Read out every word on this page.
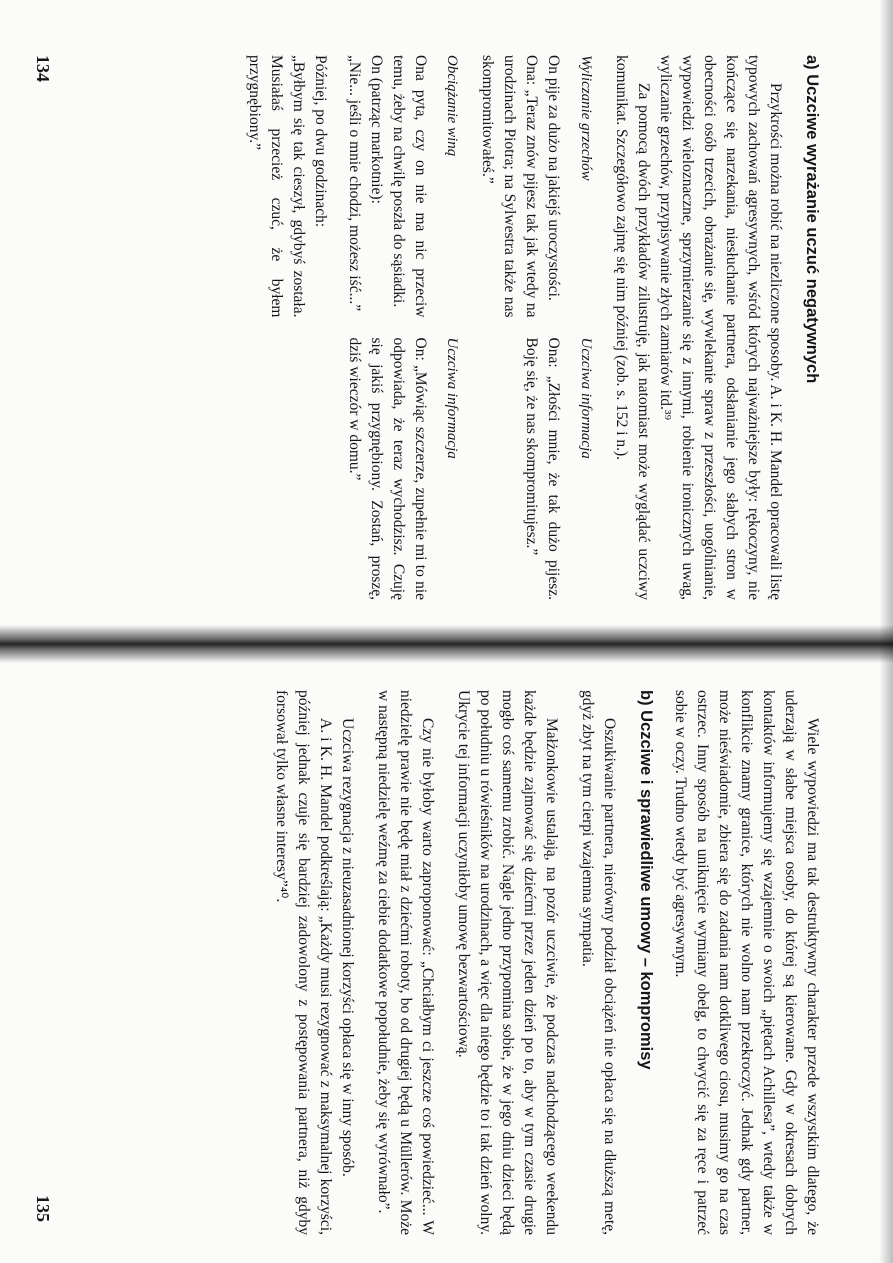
a) Uczciwe wyrażanie uczuć negatywnych

Przykrości można robić na niezliczone sposoby. A. i K. H. Mandel opracowali listę typowych zachowań agresywnych, wśród których najważniejsze były: rękoczyny, nie kończące się narzekania, niesłuchanie partnera, odsłanianie jego słabych stron w obecności osób trzecich, obrażanie się, wywlekanie spraw z przeszłości, uogólnianie, wypowiedzi wieloznaczne, sprzymierzanie się z innymi, robienie ironicznych uwag, wyliczanie grzechów, przypisywanie złych zamiarów itd.³⁹

Za pomocą dwóch przykładów zilustruję, jak natomiast może wyglądać uczciwy komunikat. Szczegółowo zajmę się nim później (zob. s. 152 i n.).

Wyliczanie grzechów

On pije za dużo na jakiejś uroczystości.

Ona: „Teraz znów pijesz tak jak wtedy na urodzinach Piotra; na Sylwestra także nas skompromitowałeś.”

Uczciwa informacja

Ona: „Złości mnie, że tak dużo pijesz. Boję się, że nas skompromitujesz.”

Obciążanie winą

Ona pyta, czy on nie ma nic przeciw temu, żeby na chwilę poszła do sąsiadki.

On (patrząc markotnie):

„Nie... jeśli o mnie chodzi, możesz iść...”

Później, po dwu godzinach:

„Byłbym się tak cieszył, gdybyś została. Musiałaś przecież czuć, że byłem przygnębiony.”

Uczciwa informacja

On: „Mówiąc szczerze, zupełnie mi to nie odpowiada, że teraz wychodzisz. Czuję się jakiś przygnębiony. Zostań, proszę, dziś wieczór w domu.”

134

Wiele wypowiedzi ma tak destruktywny charakter przede wszystkim dlatego, że uderzają w słabe miejsca osoby, do której są kierowane. Gdy w okresach dobrych kontaktów informujemy się wzajemnie o swoich „piętach Achillesa”, wtedy także w konflikcie znamy granice, których nie wolno nam przekroczyć. Jednak gdy partner, może nieświadomie, zbiera się do zadania nam dotkliwego ciosu, musimy go na czas ostrzec. Inny sposób na uniknięcie wymiany obelg, to chwycić się za ręce i patrzeć sobie w oczy. Trudno wtedy być agresywnym.

b) Uczciwe i sprawiedliwe umowy – kompromisy

Oszukiwanie partnera, nierówny podział obciążeń nie opłaca się na dłuższą metę, gdyż zbyt na tym cierpi wzajemna sympatia.

Małżonkowie ustalają, na pozór uczciwie, że podczas nadchodzącego weekendu każde będzie zajmować się dziećmi przez jeden dzień po to, aby w tym czasie drugie mogło coś samemu zrobić. Nagle jedno przypomina sobie, że w jego dniu dzieci będą po południu u rówieśników na urodzinach, a więc dla niego będzie to i tak dzień wolny. Ukrycie tej informacji uczyniłoby umowę bezwartościową.

Czy nie byłoby warto zaproponować: „Chciałbym ci jeszcze coś powiedzieć... W niedzielę prawie nie będę miał z dziećmi roboty, bo od drugiej będą u Müllerów. Może w następną niedzielę weźmę za ciebie dodatkowe popołudnie, żeby się wyrównało”.

Uczciwa rezygnacja z nieuzasadnionej korzyści opłaca się w inny sposób.

A. i K. H. Mandel podkreślają: „Każdy musi rezygnować z maksymalnej korzyści, później jednak czuje się bardziej zadowolony z postępowania partnera, niż gdyby forsował tylko własne interesy”⁴⁰.

135
